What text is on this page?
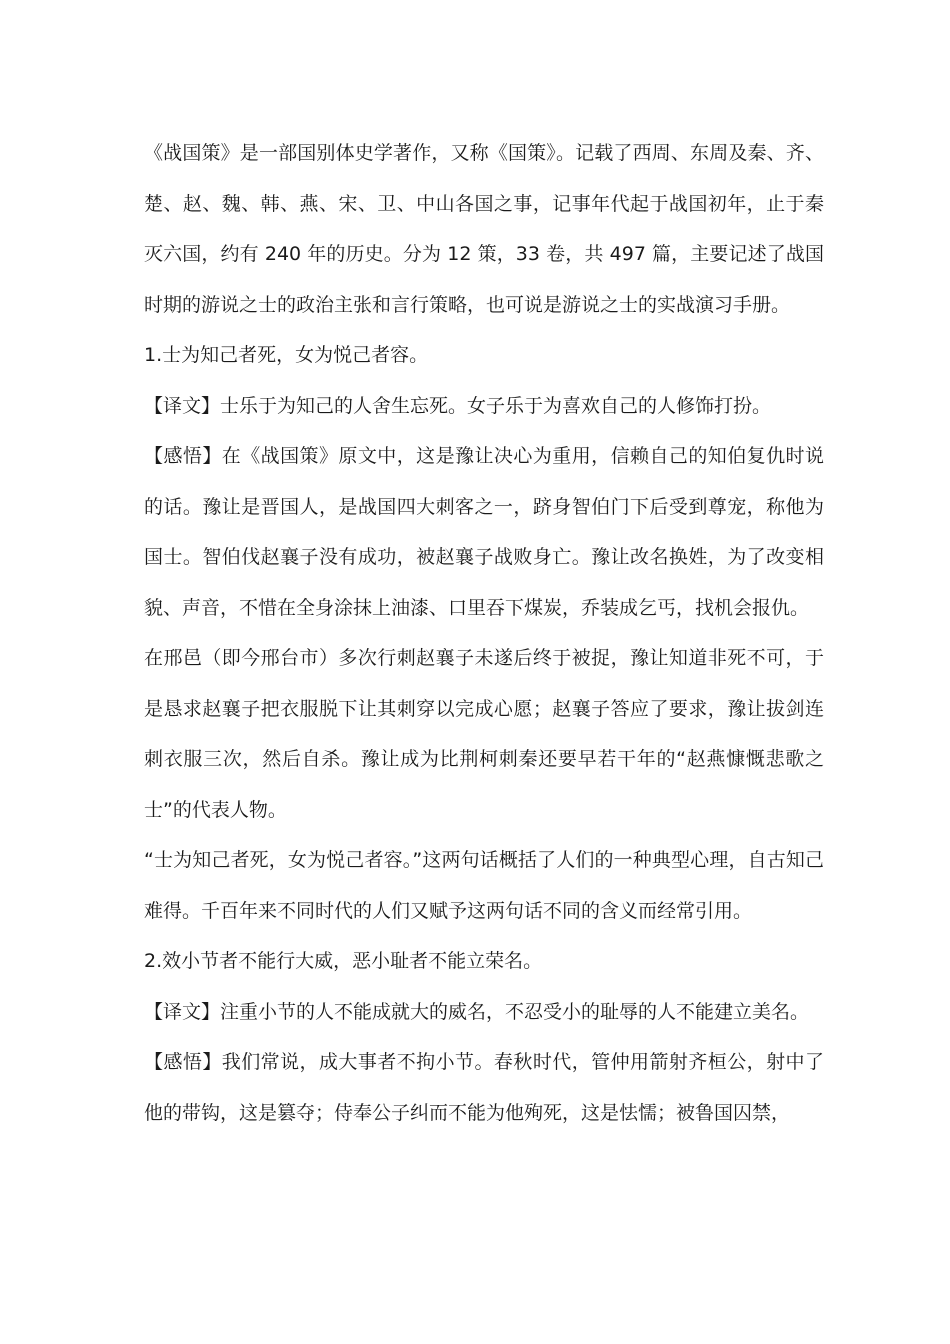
《战国策》是一部国别体史学著作，又称《国策》。记载了西周、东周及秦、齐、楚、赵、魏、韩、燕、宋、卫、中山各国之事，记事年代起于战国初年，止于秦灭六国，约有 240 年的历史。分为 12 策，33 卷，共 497 篇，主要记述了战国时期的游说之士的政治主张和言行策略，也可说是游说之士的实战演习手册。

1.士为知己者死，女为悦己者容。

【译文】士乐于为知己的人舍生忘死。女子乐于为喜欢自己的人修饰打扮。

【感悟】在《战国策》原文中，这是豫让决心为重用，信赖自己的知伯复仇时说的话。豫让是晋国人，是战国四大刺客之一，跻身智伯门下后受到尊宠，称他为国士。智伯伐赵襄子没有成功，被赵襄子战败身亡。豫让改名换姓，为了改变相貌、声音，不惜在全身涂抹上油漆、口里吞下煤炭，乔装成乞丐，找机会报仇。

在邢邑（即今邢台市）多次行刺赵襄子未遂后终于被捉，豫让知道非死不可，于是恳求赵襄子把衣服脱下让其刺穿以完成心愿；赵襄子答应了要求，豫让拔剑连刺衣服三次，然后自杀。豫让成为比荆柯刺秦还要早若干年的“赵燕慷慨悲歌之士”的代表人物。

“士为知己者死，女为悦己者容。”这两句话概括了人们的一种典型心理，自古知己难得。千百年来不同时代的人们又赋予这两句话不同的含义而经常引用。

2.效小节者不能行大威，恶小耻者不能立荣名。

【译文】注重小节的人不能成就大的威名，不忍受小的耻辱的人不能建立美名。

【感悟】我们常说，成大事者不拘小节。春秋时代，管仲用箭射齐桓公，射中了他的带钩，这是篡夺；侍奉公子纠而不能为他殉死，这是怯懦；被鲁国囚禁，
